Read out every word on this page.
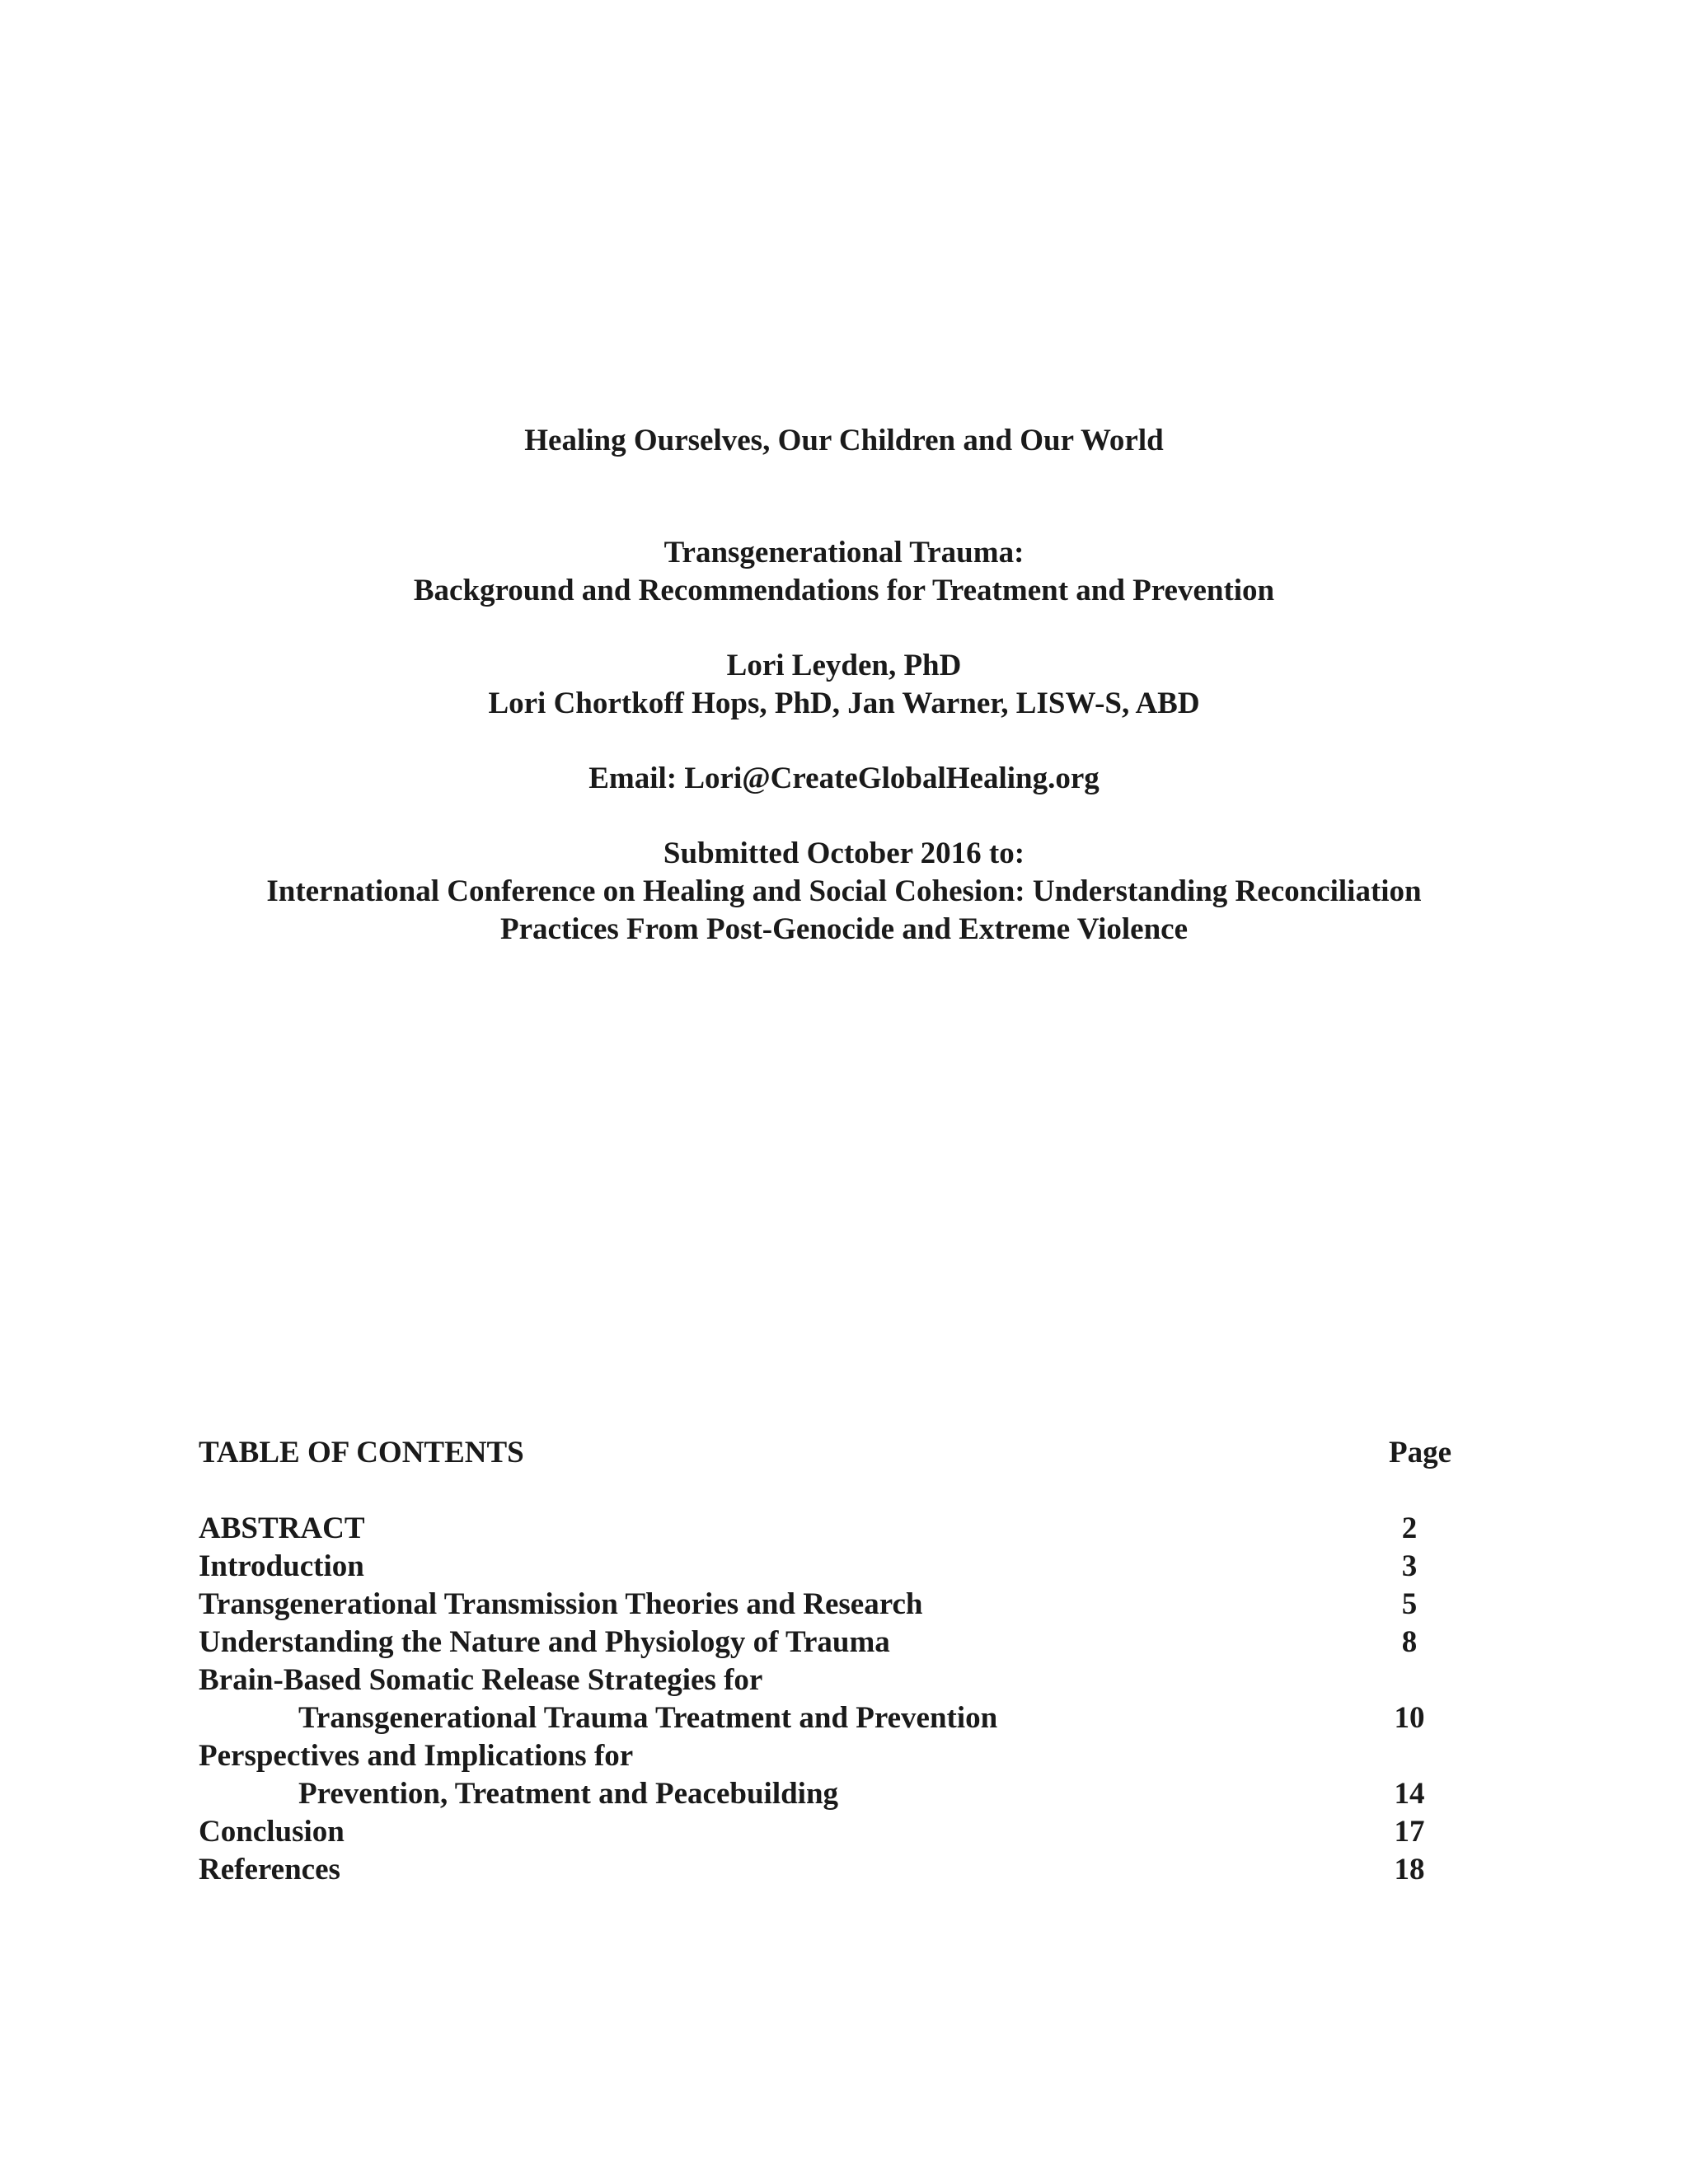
Healing Ourselves, Our Children and Our World
Transgenerational Trauma:
Background and Recommendations for Treatment and Prevention
Lori Leyden, PhD
Lori Chortkoff Hops, PhD, Jan Warner, LISW-S, ABD
Email: Lori@CreateGlobalHealing.org
Submitted October 2016 to:
International Conference on Healing and Social Cohesion: Understanding Reconciliation
Practices From Post-Genocide and Extreme Violence
TABLE OF CONTENTS	Page
ABSTRACT	2
Introduction	3
Transgenerational Transmission Theories and Research	5
Understanding the Nature and Physiology of Trauma	8
Brain-Based Somatic Release Strategies for
Transgenerational Trauma Treatment and Prevention	10
Perspectives and Implications for
Prevention, Treatment and Peacebuilding	14
Conclusion	17
References	18
